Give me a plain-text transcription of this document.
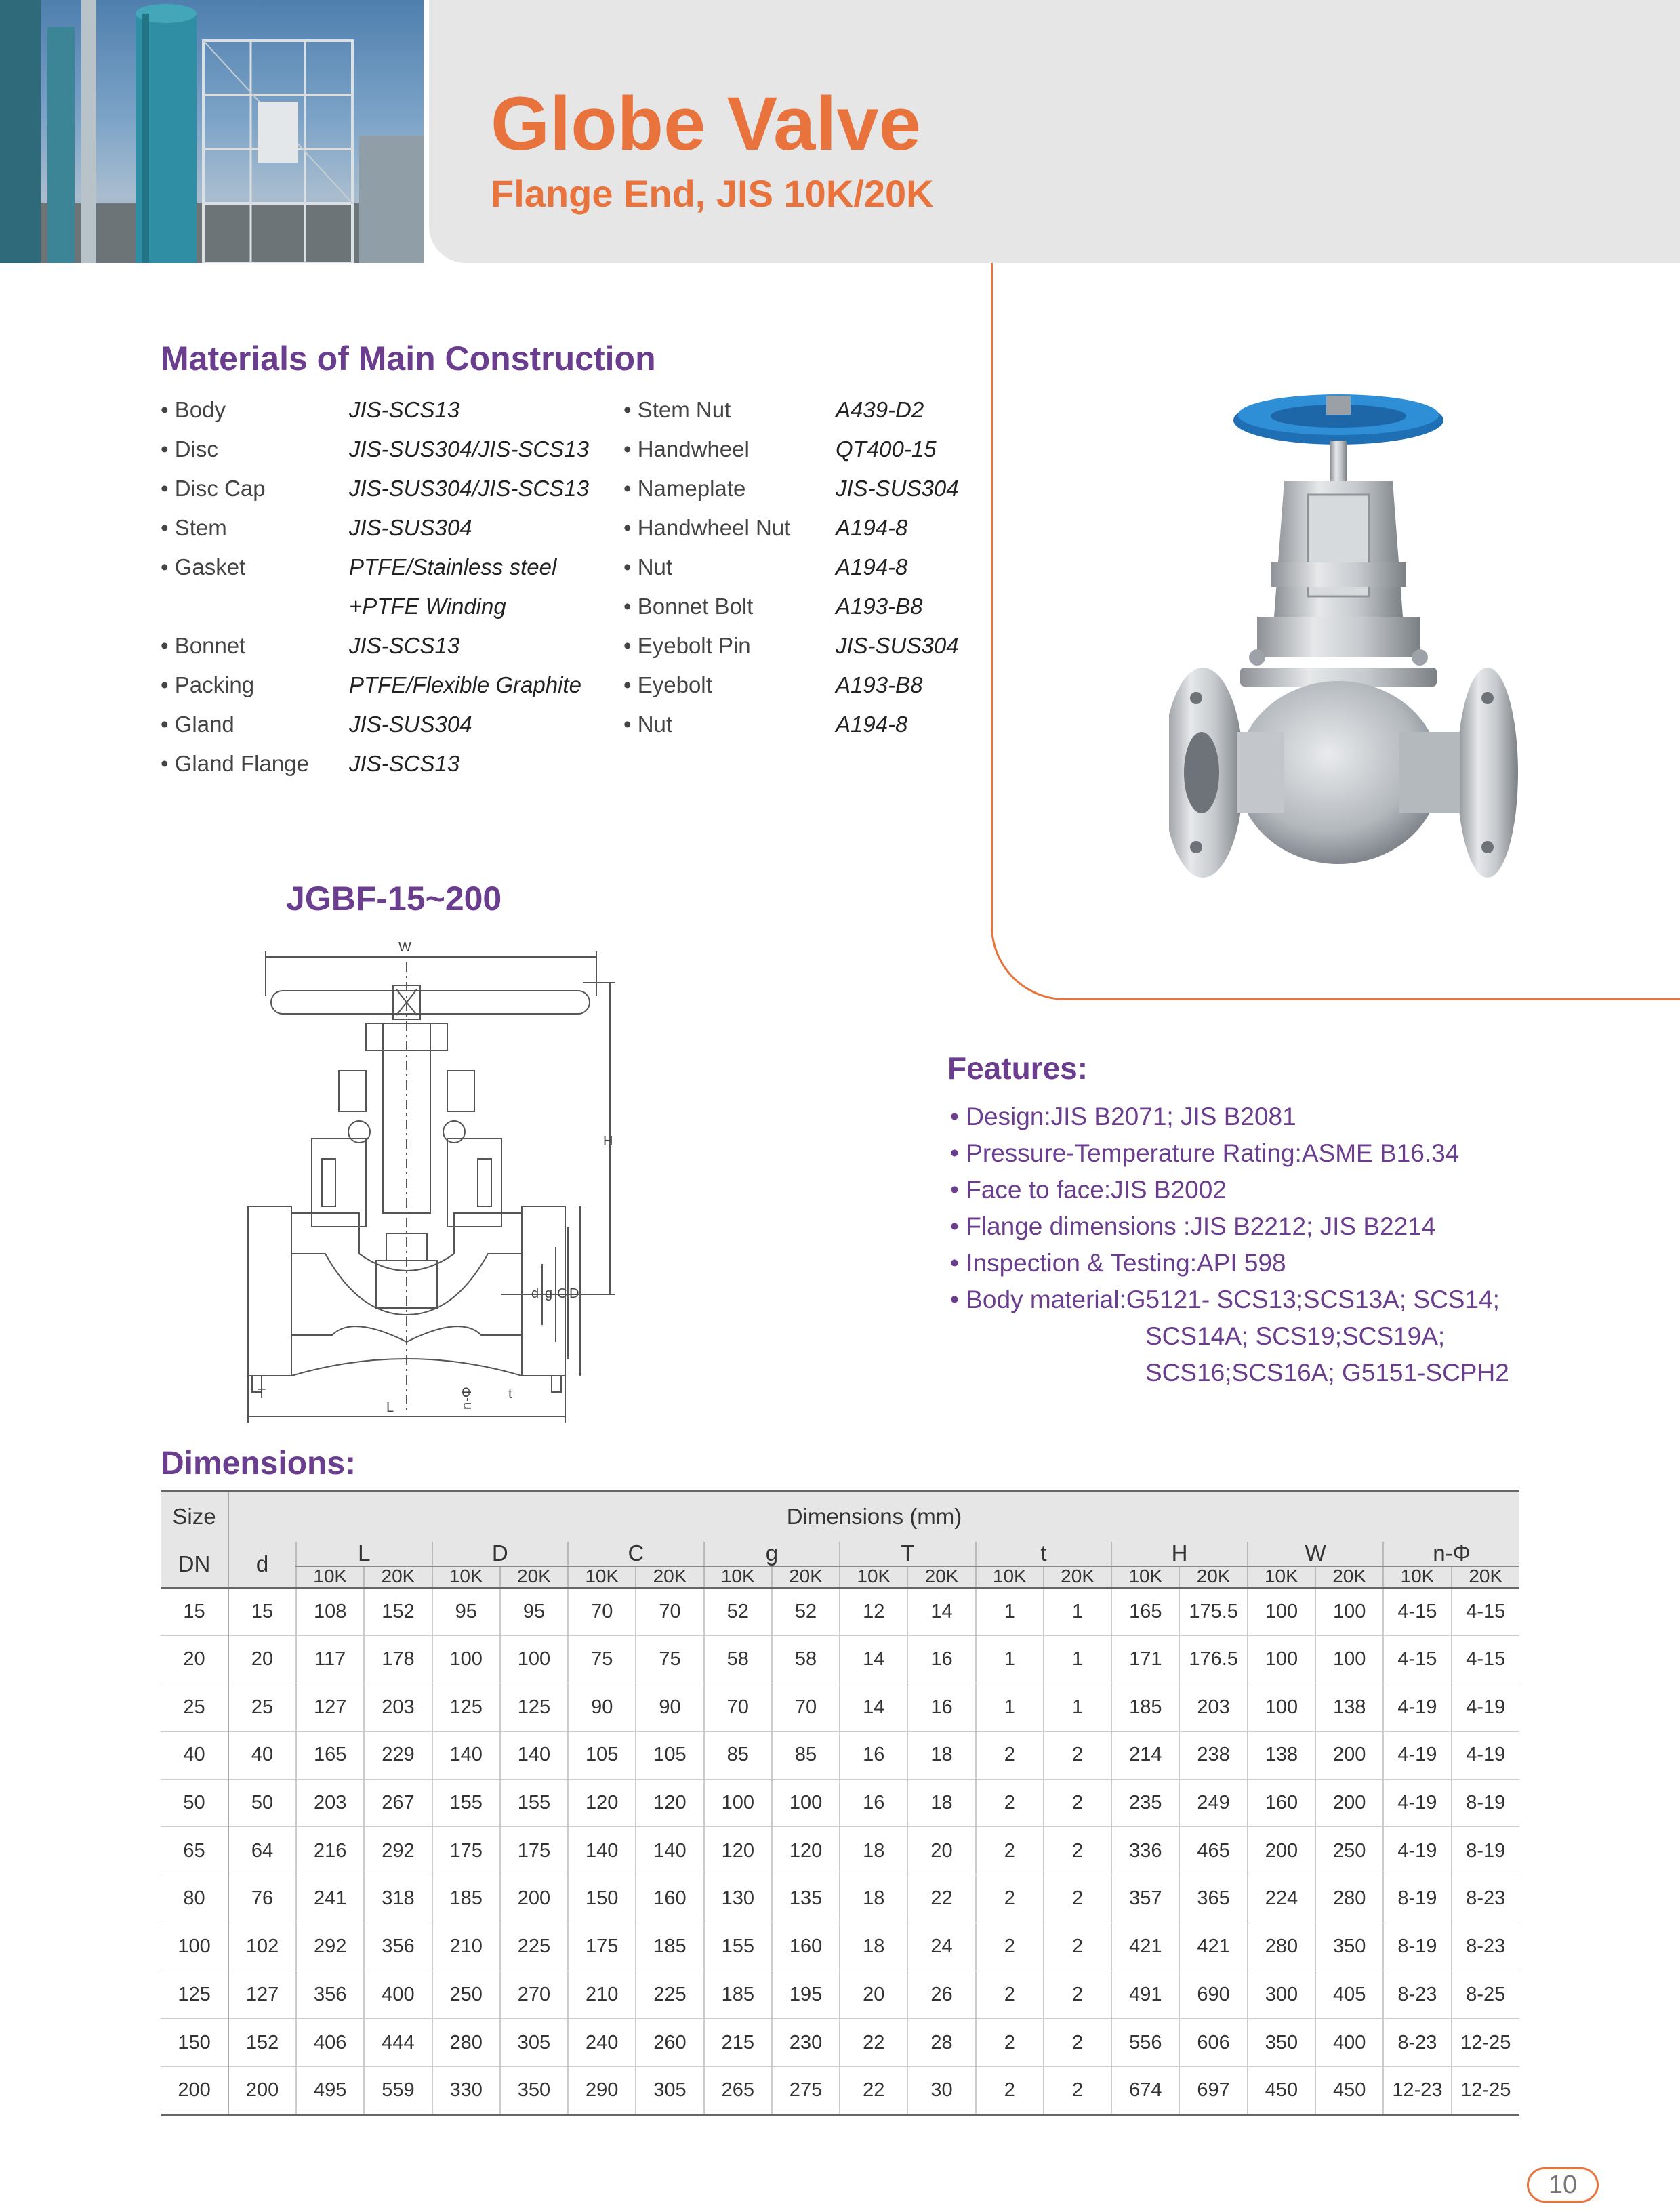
Globe Valve
Flange End, JIS 10K/20K
Materials of Main Construction
• Body	JIS-SCS13
• Disc	JIS-SUS304/JIS-SCS13
• Disc Cap	JIS-SUS304/JIS-SCS13
• Stem	JIS-SUS304
• Gasket	PTFE/Stainless steel
+PTFE Winding
• Bonnet	JIS-SCS13
• Packing	PTFE/Flexible Graphite
• Gland	JIS-SUS304
• Gland Flange JIS-SCS13
• Stem Nut	A439-D2
• Handwheel	QT400-15
• Nameplate	JIS-SUS304
• Handwheel Nut A194-8
• Nut	A194-8
• Bonnet Bolt	A193-B8
• Eyebolt Pin	JIS-SUS304
• Eyebolt	A193-B8
• Nut	A194-8
JGBF-15~200
W
H
d g C D
T
L	n-Φ	t
Features:
• Design:JIS B2071; JIS B2081
• Pressure-Temperature Rating:ASME B16.34
• Face to face:JIS B2002
• Flange dimensions :JIS B2212; JIS B2214
• Inspection & Testing:API 598
• Body material:G5121- SCS13;SCS13A; SCS14;
SCS14A; SCS19;SCS19A;
SCS16;SCS16A; G5151-SCPH2
Dimensions:
Size	Dimensions (mm)																		
DN	d	L		D		C		g		T		t		H		W		n-Φ	
		10K	20K	10K	20K	10K	20K	10K	20K	10K	20K	10K	20K	10K	20K	10K	20K	10K	20K
15	15	108	152	95	95	70	70	52	52	12	14	1	1	165	175.5	100	100	4-15	4-15
20	20	117	178	100	100	75	75	58	58	14	16	1	1	171	176.5	100	100	4-15	4-15
25	25	127	203	125	125	90	90	70	70	14	16	1	1	185	203	100	138	4-19	4-19
40	40	165	229	140	140	105	105	85	85	16	18	2	2	214	238	138	200	4-19	4-19
50	50	203	267	155	155	120	120	100	100	16	18	2	2	235	249	160	200	4-19	8-19
65	64	216	292	175	175	140	140	120	120	18	20	2	2	336	465	200	250	4-19	8-19
80	76	241	318	185	200	150	160	130	135	18	22	2	2	357	365	224	280	8-19	8-23
100	102	292	356	210	225	175	185	155	160	18	24	2	2	421	421	280	350	8-19	8-23
125	127	356	400	250	270	210	225	185	195	20	26	2	2	491	690	300	405	8-23	8-25
150	152	406	444	280	305	240	260	215	230	22	28	2	2	556	606	350	400	8-23	12-25
200	200	495	559	330	350	290	305	265	275	22	30	2	2	674	697	450	450	12-23	12-25
10
